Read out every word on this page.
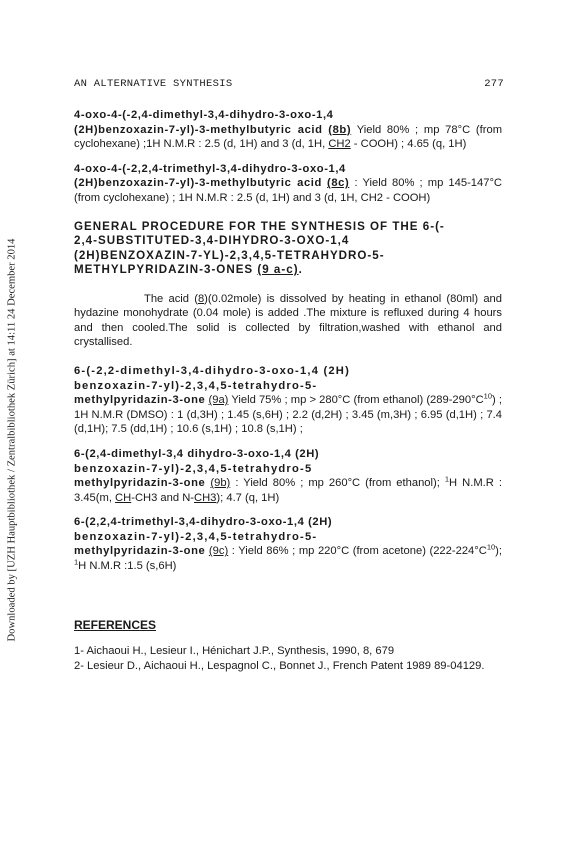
Downloaded by [UZH Hauptbibliothek / Zentralbibliothek Zürich] at 14:11 24 December 2014
AN ALTERNATIVE SYNTHESIS	277
4-oxo-4-(-2,4-dimethyl-3,4-dihydro-3-oxo-1,4
(2H)benzoxazin-7-yl)-3-methylbutyric acid (8b) Yield 80% ; mp 78°C (from cyclohexane) ;1H N.M.R : 2.5 (d, 1H) and 3 (d, 1H, CH2 - COOH) ; 4.65 (q, 1H)
4-oxo-4-(-2,2,4-trimethyl-3,4-dihydro-3-oxo-1,4
(2H)benzoxazin-7-yl)-3-methylbutyric acid (8c) : Yield 80% ; mp 145-147°C (from cyclohexane) ; 1H N.M.R : 2.5 (d, 1H) and 3 (d, 1H, CH2 - COOH)
GENERAL PROCEDURE FOR THE SYNTHESIS OF THE 6-(-
2,4-SUBSTITUTED-3,4-DIHYDRO-3-OXO-1,4
(2H)BENZOXAZIN-7-YL)-2,3,4,5-TETRAHYDRO-5-
METHYLPYRIDAZIN-3-ONES (9 a-c).
The acid (8)(0.02mole) is dissolved by heating in ethanol (80ml) and hydazine monohydrate (0.04 mole) is added .The mixture is refluxed during 4 hours and then cooled.The solid is collected by filtration,washed with ethanol and crystallised.
6-(-2,2-dimethyl-3,4-dihydro-3-oxo-1,4 (2H)
benzoxazin-7-yl)-2,3,4,5-tetrahydro-5-
methylpyridazin-3-one (9a) Yield 75% ; mp > 280°C (from ethanol) $(289-290^\circ C^{10})$ ; 1H N.M.R (DMSO) : 1 (d,3H) ; 1.45 (s,6H) ; 2.2 (d,2H) ; 3.45 (m,3H) ; 6.95 (d,1H) ; 7.4 (d,1H); 7.5 (dd,1H) ; 10.6 (s,1H) ; 10.8 (s,1H) ;
6-(2,4-dimethyl-3,4 dihydro-3-oxo-1,4 (2H)
benzoxazin-7-yl)-2,3,4,5-tetrahydro-5
methylpyridazin-3-one (9b) : Yield 80% ; mp 260°C (from ethanol); $^1$H N.M.R : 3.45(m, CH-CH3 and N-CH3); 4.7 (q, 1H)
6-(2,2,4-trimethyl-3,4-dihydro-3-oxo-1,4 (2H)
benzoxazin-7-yl)-2,3,4,5-tetrahydro-5-
methylpyridazin-3-one (9c) : Yield 86% ; mp 220°C (from acetone) $(222-224^\circ C^{10})$; $^1$H N.M.R :1.5 (s,6H)
REFERENCES
1- Aichaoui H., Lesieur I., Hénichart J.P., Synthesis, 1990, 8, 679
2- Lesieur D., Aichaoui H., Lespagnol C., Bonnet J., French Patent 1989 89-04129.
